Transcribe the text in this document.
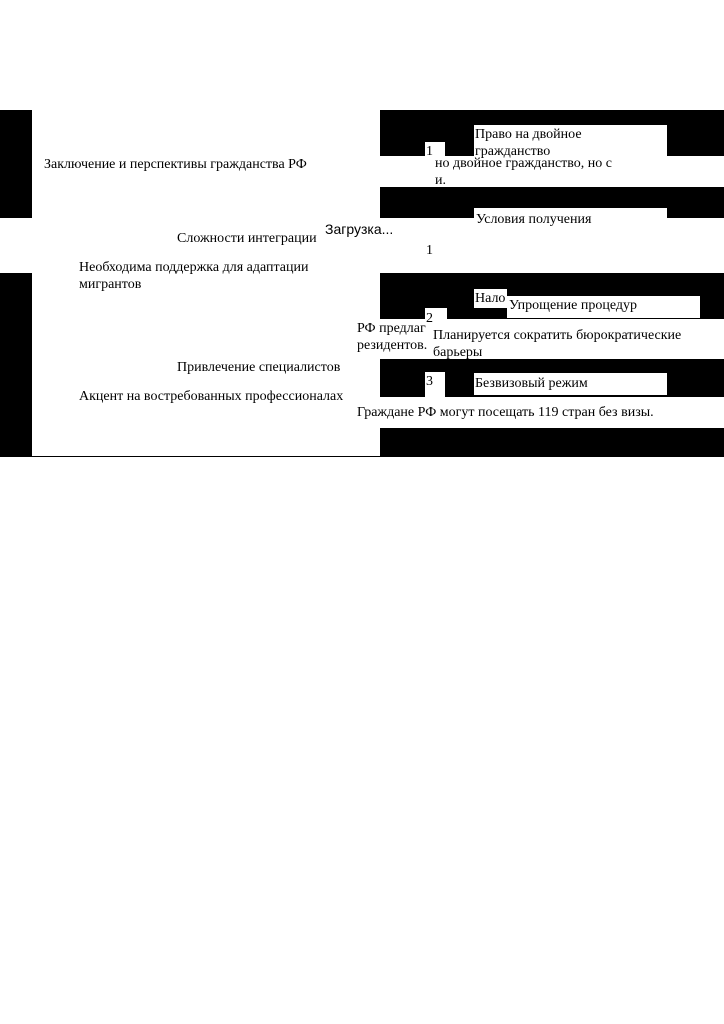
Заключение и перспективы гражданства РФ
Загрузка...
Сложности интеграции
Необходима поддержка для адаптации мигрантов
Привлечение специалистов
Акцент на востребованных профессионалах
1
Право на двойное гражданство
но двойное гражданство, но с
и.
Условия получения
1
Нало Упрощение процедур
2
РФ предлаг
резидентов.
Планируется сократить бюрократические барьеры
3	Безвизовый режим
Граждане РФ могут посещать 119 стран без визы.
